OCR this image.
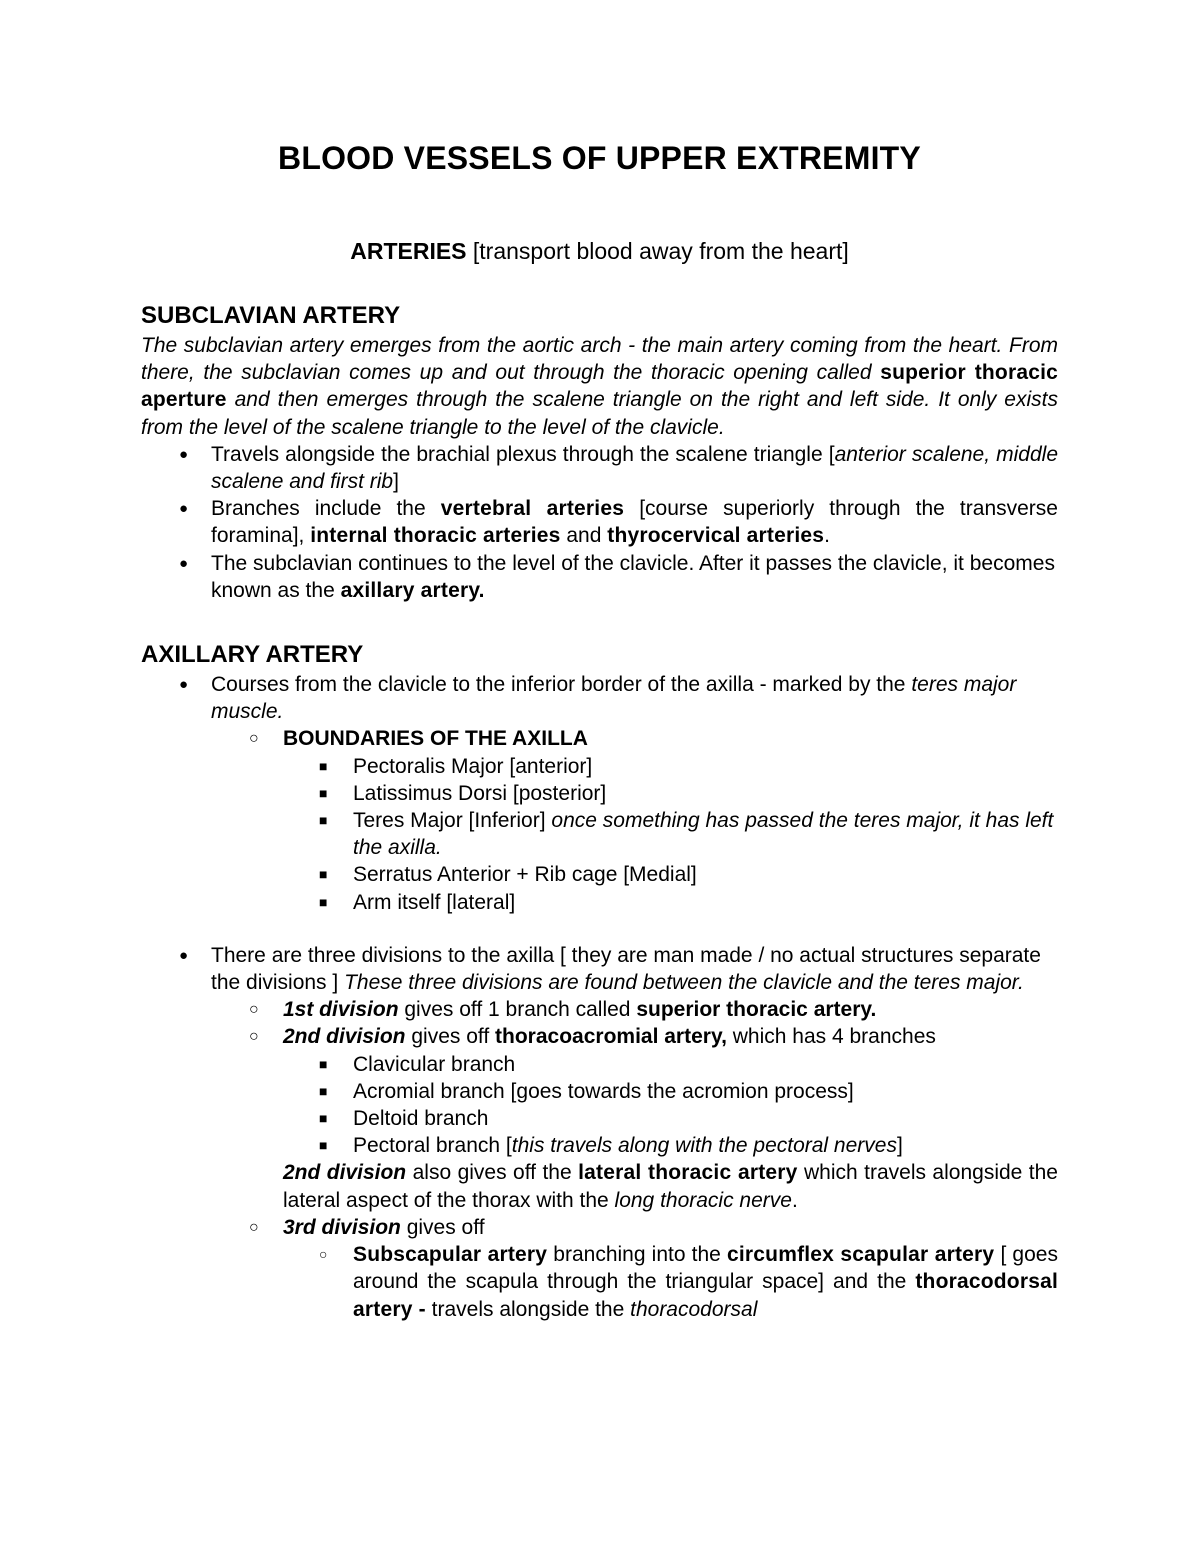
BLOOD VESSELS OF UPPER EXTREMITY
ARTERIES [transport blood away from the heart]
SUBCLAVIAN ARTERY

The subclavian artery emerges from the aortic arch - the main artery coming from the heart. From there, the subclavian comes up and out through the thoracic opening called superior thoracic aperture and then emerges through the scalene triangle on the right and left side. It only exists from the level of the scalene triangle to the level of the clavicle.

● Travels alongside the brachial plexus through the scalene triangle [anterior scalene, middle scalene and first rib]
● Branches include the vertebral arteries [course superiorly through the transverse foramina], internal thoracic arteries and thyrocervical arteries.
● The subclavian continues to the level of the clavicle. After it passes the clavicle, it becomes known as the axillary artery.
AXILLARY ARTERY
● Courses from the clavicle to the inferior border of the axilla - marked by the teres major muscle.
○ BOUNDARIES OF THE AXILLA
■ Pectoralis Major [anterior]
■ Latissimus Dorsi [posterior]
■ Teres Major [Inferior] once something has passed the teres major, it has left the axilla.
■ Serratus Anterior + Rib cage [Medial]
■ Arm itself [lateral]
● There are three divisions to the axilla [ they are man made / no actual structures separate the divisions ] These three divisions are found between the clavicle and the teres major.
○ 1st division gives off 1 branch called superior thoracic artery.
○ 2nd division gives off thoracoacromial artery, which has 4 branches
■ Clavicular branch
■ Acromial branch [goes towards the acromion process]
■ Deltoid branch
■ Pectoral branch [this travels along with the pectoral nerves]

2nd division also gives off the lateral thoracic artery which travels alongside the lateral aspect of the thorax with the long thoracic nerve.

○ 3rd division gives off
○ Subscapular artery branching into the circumflex scapular artery [ goes around the scapula through the triangular space] and the thoracodorsal artery - travels alongside the thoracodorsal
